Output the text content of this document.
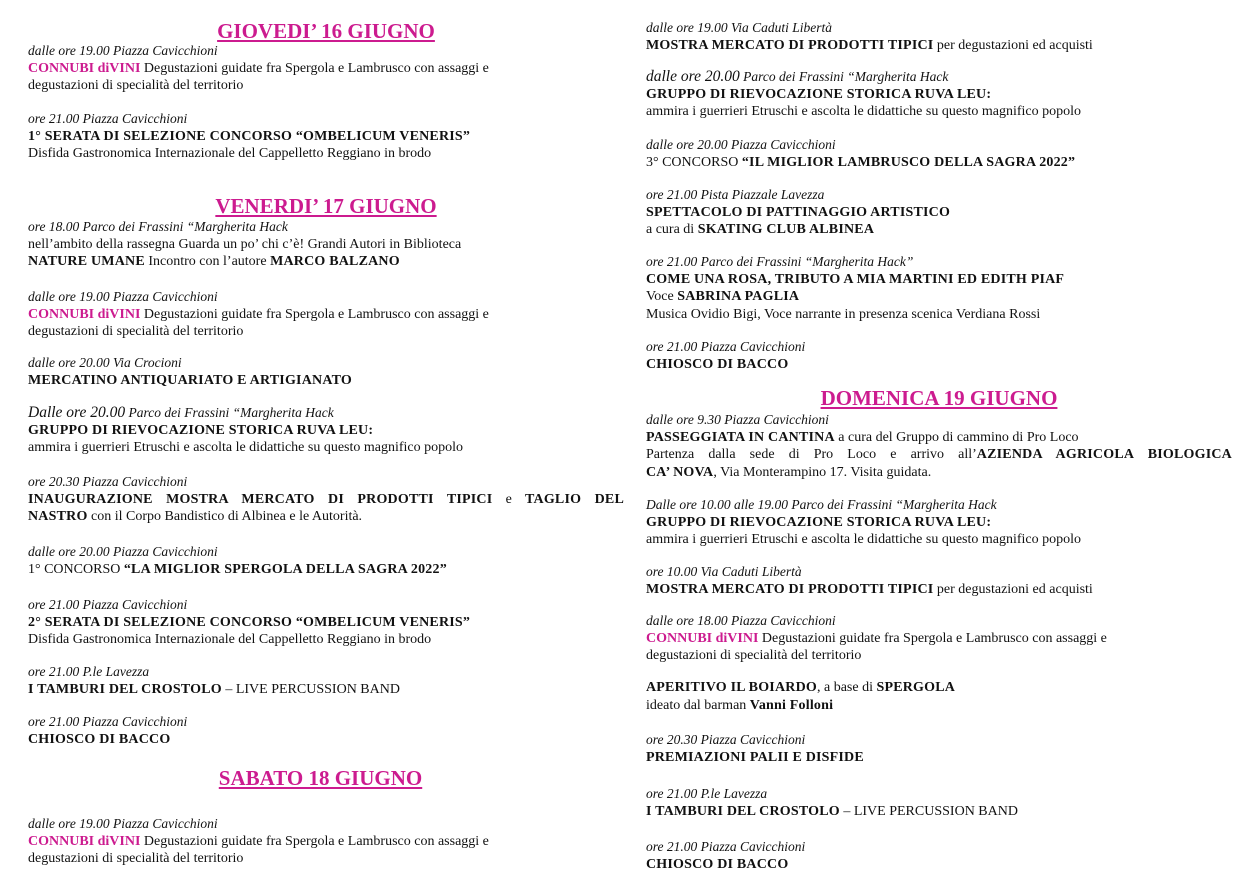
GIOVEDI’ 16 GIUGNO
dalle ore 19.00 Piazza Cavicchioni
CONNUBI diVINI Degustazioni guidate fra Spergola e Lambrusco con assaggi e
degustazioni di specialità del territorio
ore 21.00 Piazza Cavicchioni
1° SERATA DI SELEZIONE CONCORSO “OMBELICUM VENERIS”
Disfida Gastronomica Internazionale del Cappelletto Reggiano in brodo
VENERDI’ 17 GIUGNO
ore 18.00 Parco dei Frassini “Margherita Hack
nell’ambito della rassegna Guarda un po’ chi c’è! Grandi Autori in Biblioteca
NATURE UMANE Incontro con l’autore MARCO BALZANO
dalle ore 19.00 Piazza Cavicchioni
CONNUBI diVINI Degustazioni guidate fra Spergola e Lambrusco con assaggi e
degustazioni di specialità del territorio
dalle ore 20.00 Via Crocioni
MERCATINO ANTIQUARIATO E ARTIGIANATO
Dalle ore 20.00 Parco dei Frassini “Margherita Hack
GRUPPO DI RIEVOCAZIONE STORICA RUVA LEU:
ammira i guerrieri Etruschi e ascolta le didattiche su questo magnifico popolo
ore 20.30 Piazza Cavicchioni
INAUGURAZIONE MOSTRA MERCATO DI PRODOTTI TIPICI e TAGLIO DEL
NASTRO con il Corpo Bandistico di Albinea e le Autorità.
dalle ore 20.00 Piazza Cavicchioni
1° CONCORSO “LA MIGLIOR SPERGOLA DELLA SAGRA 2022”
ore 21.00 Piazza Cavicchioni
2° SERATA DI SELEZIONE CONCORSO “OMBELICUM VENERIS”
Disfida Gastronomica Internazionale del Cappelletto Reggiano in brodo
ore 21.00 P.le Lavezza
I TAMBURI DEL CROSTOLO – LIVE PERCUSSION BAND
ore 21.00 Piazza Cavicchioni
CHIOSCO DI BACCO
SABATO 18 GIUGNO
dalle ore 19.00 Piazza Cavicchioni
CONNUBI diVINI Degustazioni guidate fra Spergola e Lambrusco con assaggi e
degustazioni di specialità del territorio
dalle ore 19.00 Via Caduti Libertà
MOSTRA MERCATO DI PRODOTTI TIPICI per degustazioni ed acquisti
dalle ore 20.00 Parco dei Frassini “Margherita Hack
GRUPPO DI RIEVOCAZIONE STORICA RUVA LEU:
ammira i guerrieri Etruschi e ascolta le didattiche su questo magnifico popolo
dalle ore 20.00 Piazza Cavicchioni
3° CONCORSO “IL MIGLIOR LAMBRUSCO DELLA SAGRA 2022”
ore 21.00 Pista Piazzale Lavezza
SPETTACOLO DI PATTINAGGIO ARTISTICO
a cura di SKATING CLUB ALBINEA
ore 21.00 Parco dei Frassini “Margherita Hack”
COME UNA ROSA, TRIBUTO A MIA MARTINI ED EDITH PIAF
Voce SABRINA PAGLIA
Musica Ovidio Bigi, Voce narrante in presenza scenica Verdiana Rossi
ore 21.00 Piazza Cavicchioni
CHIOSCO DI BACCO
DOMENICA 19 GIUGNO
dalle ore 9.30 Piazza Cavicchioni
PASSEGGIATA IN CANTINA a cura del Gruppo di cammino di Pro Loco
Partenza dalla sede di Pro Loco e arrivo all’AZIENDA AGRICOLA BIOLOGICA
CA’ NOVA, Via Monterampino 17. Visita guidata.
Dalle ore 10.00 alle 19.00 Parco dei Frassini “Margherita Hack
GRUPPO DI RIEVOCAZIONE STORICA RUVA LEU:
ammira i guerrieri Etruschi e ascolta le didattiche su questo magnifico popolo
ore 10.00 Via Caduti Libertà
MOSTRA MERCATO DI PRODOTTI TIPICI per degustazioni ed acquisti
dalle ore 18.00 Piazza Cavicchioni
CONNUBI diVINI Degustazioni guidate fra Spergola e Lambrusco con assaggi e
degustazioni di specialità del territorio
APERITIVO IL BOIARDO, a base di SPERGOLA
ideato dal barman Vanni Folloni
ore 20.30 Piazza Cavicchioni
PREMIAZIONI PALII E DISFIDE
ore 21.00 P.le Lavezza
I TAMBURI DEL CROSTOLO – LIVE PERCUSSION BAND
ore 21.00 Piazza Cavicchioni
CHIOSCO DI BACCO
